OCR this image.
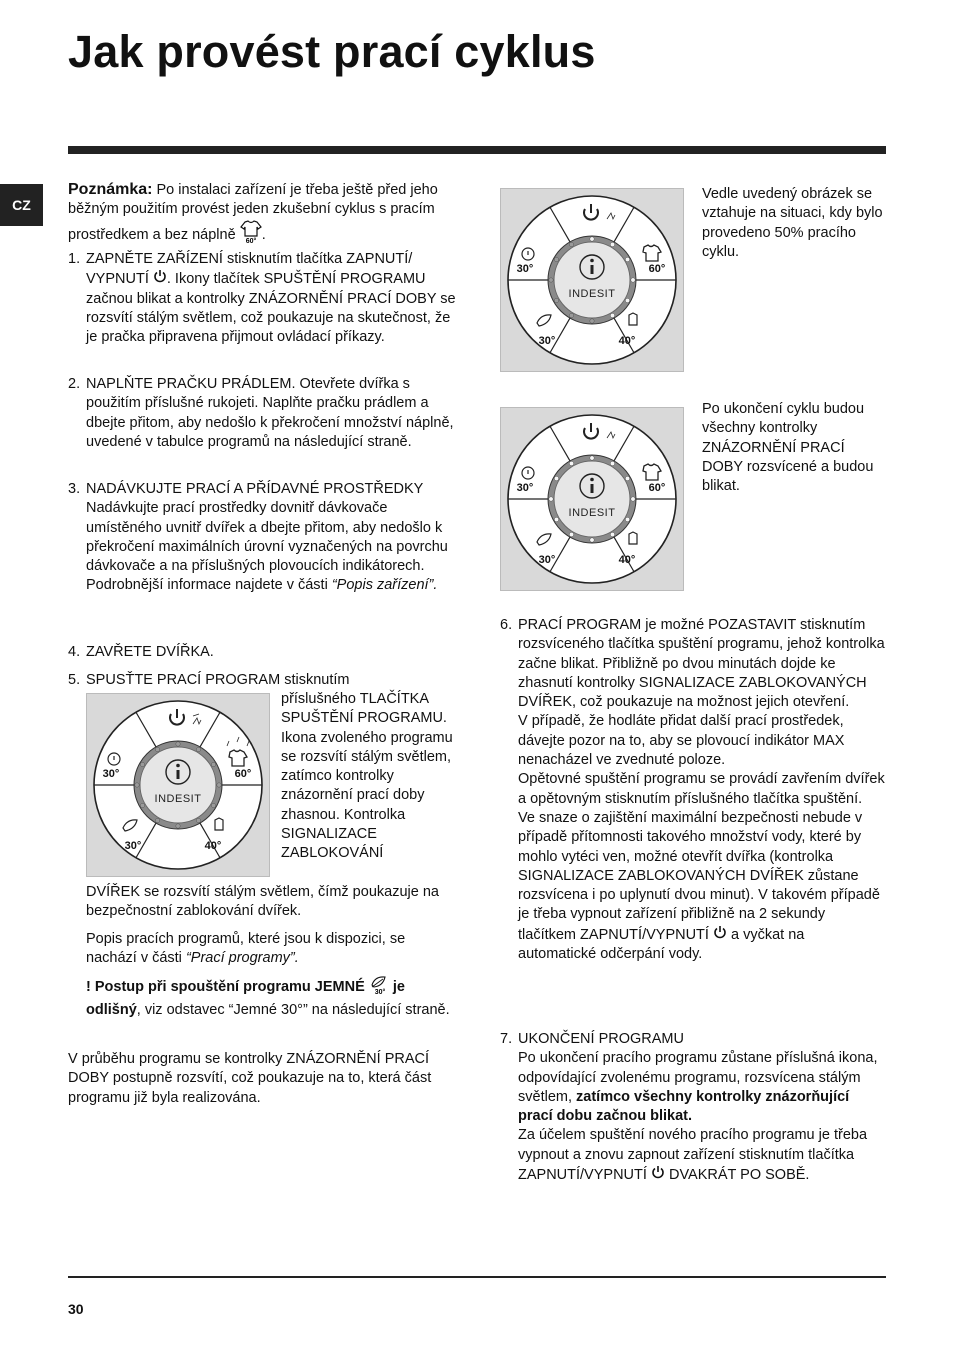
Jak provést prací cyklus
CZ
Poznámka: Po instalaci zařízení je třeba ještě před jeho běžným použitím provést jeden zkušební cyklus s pracím prostředkem a bez náplně 60° .
1. ZAPNĚTE ZAŘÍZENÍ stisknutím tlačítka ZAPNUTÍ/ VYPNUTÍ . Ikony tlačítek SPUŠTĚNÍ PROGRAMU začnou blikat a kontrolky ZNÁZORNĚNÍ PRACÍ DOBY se rozsvítí stálým světlem, což poukazuje na skutečnost, že je pračka připravena přijmout ovládací příkazy.
2. NAPLŇTE PRAČKU PRÁDLEM. Otevřete dvířka s použitím příslušné rukojeti. Naplňte pračku prádlem a dbejte přitom, aby nedošlo k překročení množství náplně, uvedené v tabulce programů na následující straně.
3. NADÁVKUJTE PRACÍ A PŘÍDAVNÉ PROSTŘEDKY
Nadávkujte prací prostředky dovnitř dávkovače umístěného uvnitř dvířek a dbejte přitom, aby nedošlo k překročení maximálních úrovní vyznačených na povrchu dávkovače a na příslušných plovoucích indikátorech. Podrobnější informace najdete v části “Popis zařízení”.
4. ZAVŘETE DVÍŘKA.
5. SPUSŤTE PRACÍ PROGRAM stisknutím
INDESIT
30°	60°
30°	40°
příslušného TLAČÍTKA SPUŠTĚNÍ PROGRAMU. Ikona zvoleného programu se rozsvítí stálým světlem, zatímco kontrolky znázornění prací doby zhasnou. Kontrolka SIGNALIZACE ZABLOKOVÁNÍ
DVÍŘEK se rozsvítí stálým světlem, čímž poukazuje na bezpečnostní zablokování dvířek.
Popis pracích programů, které jsou k dispozici, se nachází v části “Prací programy”.
! Postup při spouštění programu JEMNÉ 30° je odlišný, viz odstavec “Jemné 30°” na následující straně.
V průběhu programu se kontrolky ZNÁZORNĚNÍ PRACÍ DOBY postupně rozsvítí, což poukazuje na to, která část programu již byla realizována.
INDESIT
30°	60°
30°	40°
Vedle uvedený obrázek se vztahuje na situaci, kdy bylo provedeno 50% pracího cyklu.
INDESIT
30°	60°
30°	40°
Po ukončení cyklu budou všechny kontrolky ZNÁZORNĚNÍ PRACÍ DOBY rozsvícené a budou blikat.
6. PRACÍ PROGRAM je možné POZASTAVIT stisknutím rozsvíceného tlačítka spuštění programu, jehož kontrolka začne blikat. Přibližně po dvou minutách dojde ke zhasnutí kontrolky SIGNALIZACE ZABLOKOVANÝCH DVÍŘEK, což poukazuje na možnost jejich otevření.
V případě, že hodláte přidat další prací prostředek, dávejte pozor na to, aby se plovoucí indikátor MAX nenacházel ve zvednuté poloze.
Opětovné spuštění programu se provádí zavřením dvířek a opětovným stisknutím příslušného tlačítka spuštění.
Ve snaze o zajištění maximální bezpečnosti nebude v případě přítomnosti takového množství vody, které by mohlo vytéci ven, možné otevřít dvířka (kontrolka SIGNALIZACE ZABLOKOVANÝCH DVÍŘEK zůstane rozsvícena i po uplynutí dvou minut). V takovém případě je třeba vypnout zařízení přibližně na 2 sekundy tlačítkem ZAPNUTÍ/VYPNUTÍ a vyčkat na automatické odčerpání vody.
7. UKONČENÍ PROGRAMU
Po ukončení pracího programu zůstane příslušná ikona, odpovídající zvolenému programu, rozsvícena stálým světlem, zatímco všechny kontrolky znázorňující prací dobu začnou blikat.
Za účelem spuštění nového pracího programu je třeba vypnout a znovu zapnout zařízení stisknutím tlačítka ZAPNUTÍ/VYPNUTÍ DVAKRÁT PO SOBĚ.
30
